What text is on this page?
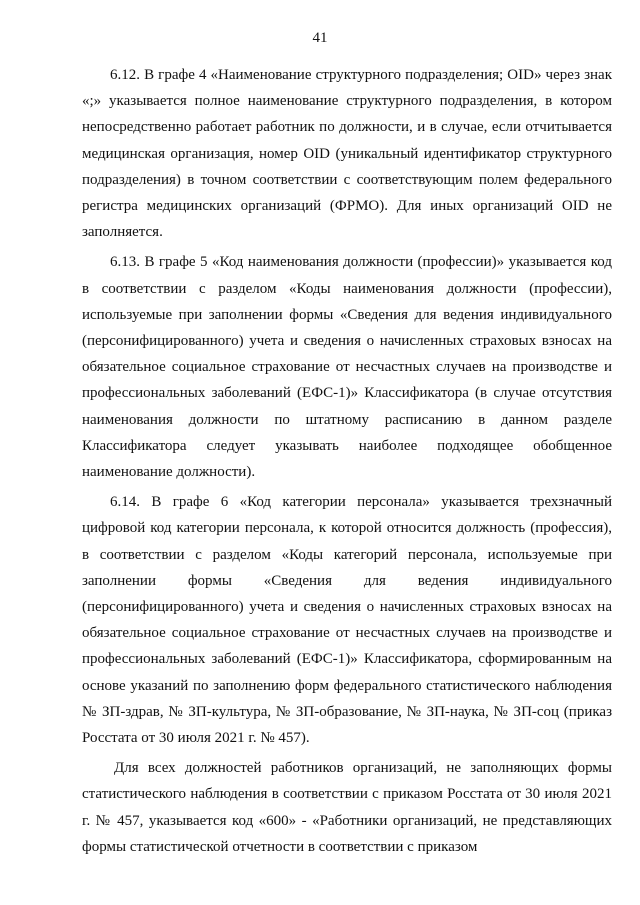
41

6.12. В графе 4 «Наименование структурного подразделения; OID» через знак «;» указывается полное наименование структурного подразделения, в котором непосредственно работает работник по должности, и в случае, если отчитывается медицинская организация, номер OID (уникальный идентификатор структурного подразделения) в точном соответствии с соответствующим полем федерального регистра медицинских организаций (ФРМО). Для иных организаций OID не заполняется.

6.13. В графе 5 «Код наименования должности (профессии)» указывается код в соответствии с разделом «Коды наименования должности (профессии), используемые при заполнении формы «Сведения для ведения индивидуального (персонифицированного) учета и сведения о начисленных страховых взносах на обязательное социальное страхование от несчастных случаев на производстве и профессиональных заболеваний (ЕФС-1)» Классификатора (в случае отсутствия наименования должности по штатному расписанию в данном разделе Классификатора следует указывать наиболее подходящее обобщенное наименование должности).

6.14. В графе 6 «Код категории персонала» указывается трехзначный цифровой код категории персонала, к которой относится должность (профессия), в соответствии с разделом «Коды категорий персонала, используемые при заполнении формы «Сведения для ведения индивидуального (персонифицированного) учета и сведения о начисленных страховых взносах на обязательное социальное страхование от несчастных случаев на производстве и профессиональных заболеваний (ЕФС-1)» Классификатора, сформированным на основе указаний по заполнению форм федерального статистического наблюдения № ЗП-здрав, № ЗП-культура, № ЗП-образование, № ЗП-наука, № ЗП-соц (приказ Росстата от 30 июля 2021 г. № 457).

Для всех должностей работников организаций, не заполняющих формы статистического наблюдения в соответствии с приказом Росстата от 30 июля 2021 г. № 457, указывается код «600» - «Работники организаций, не представляющих формы статистической отчетности в соответствии с приказом
